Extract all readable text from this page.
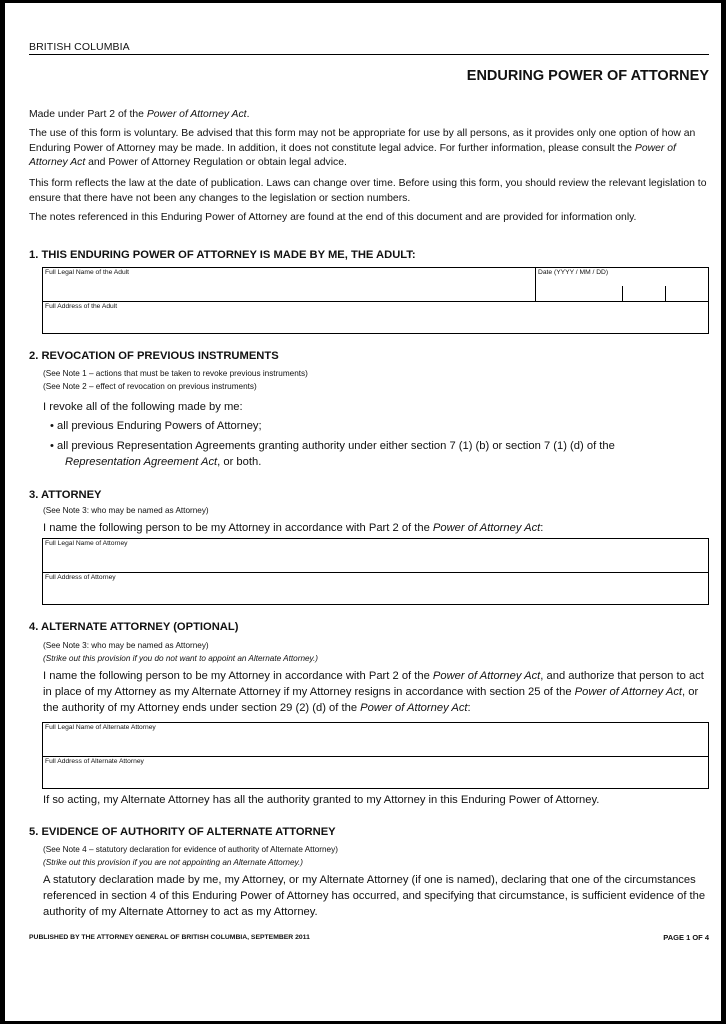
BRITISH COLUMBIA
ENDURING POWER OF ATTORNEY
Made under Part 2 of the Power of Attorney Act.
The use of this form is voluntary. Be advised that this form may not be appropriate for use by all persons, as it provides only one option of how an Enduring Power of Attorney may be made. In addition, it does not constitute legal advice. For further information, please consult the Power of Attorney Act and Power of Attorney Regulation or obtain legal advice.
This form reflects the law at the date of publication. Laws can change over time. Before using this form, you should review the relevant legislation to ensure that there have not been any changes to the legislation or section numbers.
The notes referenced in this Enduring Power of Attorney are found at the end of this document and are provided for information only.
1. THIS ENDURING POWER OF ATTORNEY IS MADE BY ME, THE ADULT:
Full Legal Name of the Adult	Date (YYYY / MM / DD)
Full Address of the Adult
2. REVOCATION OF PREVIOUS INSTRUMENTS
(See Note 1 – actions that must be taken to revoke previous instruments)
(See Note 2 – effect of revocation on previous instruments)
I revoke all of the following made by me:
• all previous Enduring Powers of Attorney;
• all previous Representation Agreements granting authority under either section 7 (1) (b) or section 7 (1) (d) of the
Representation Agreement Act, or both.
3. ATTORNEY
(See Note 3: who may be named as Attorney)
I name the following person to be my Attorney in accordance with Part 2 of the Power of Attorney Act:
Full Legal Name of Attorney
Full Address of Attorney
4. ALTERNATE ATTORNEY (OPTIONAL)
(See Note 3: who may be named as Attorney)
(Strike out this provision if you do not want to appoint an Alternate Attorney.)
I name the following person to be my Attorney in accordance with Part 2 of the Power of Attorney Act, and authorize that person to act in place of my Attorney as my Alternate Attorney if my Attorney resigns in accordance with section 25 of the Power of Attorney Act, or the authority of my Attorney ends under section 29 (2) (d) of the Power of Attorney Act:
Full Legal Name of Alternate Attorney
Full Address of Alternate Attorney
If so acting, my Alternate Attorney has all the authority granted to my Attorney in this Enduring Power of Attorney.
5. EVIDENCE OF AUTHORITY OF ALTERNATE ATTORNEY
(See Note 4 – statutory declaration for evidence of authority of Alternate Attorney)
(Strike out this provision if you are not appointing an Alternate Attorney.)
A statutory declaration made by me, my Attorney, or my Alternate Attorney (if one is named), declaring that one of the circumstances referenced in section 4 of this Enduring Power of Attorney has occurred, and specifying that circumstance, is sufficient evidence of the authority of my Alternate Attorney to act as my Attorney.
PUBLISHED BY THE ATTORNEY GENERAL OF BRITISH COLUMBIA, SEPTEMBER 2011	PAGE 1 OF 4
